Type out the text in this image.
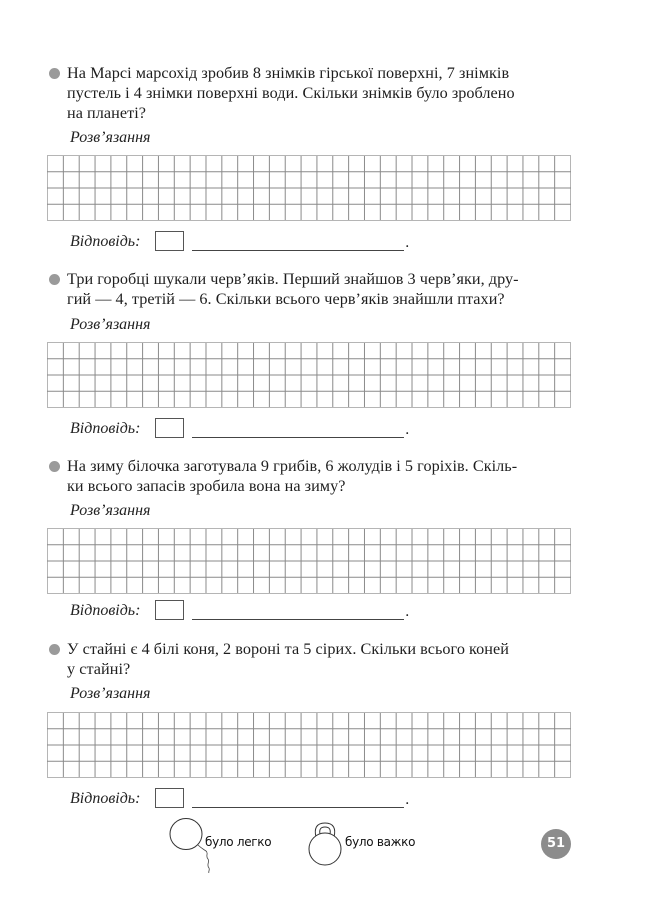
На Марсі марсохід зробив 8 знімків гірської поверхні, 7 знімків
пустель і 4 знімки поверхні води. Скільки знімків було зроблено
на планеті?
Розв’язання
Відповідь:	.
Три горобці шукали черв’яків. Перший знайшов 3 черв’яки, дру-
гий — 4, третій — 6. Скільки всього черв’яків знайшли птахи?
Розв’язання
Відповідь:	.
На зиму білочка заготувала 9 грибів, 6 жолудів і 5 горіхів. Скіль-
ки всього запасів зробила вона на зиму?
Розв’язання
Відповідь:	.
У стайні є 4 білі коня, 2 вороні та 5 сірих. Скільки всього коней
у стайні?
Розв’язання
Відповідь:	.
було легко	було важко	51
